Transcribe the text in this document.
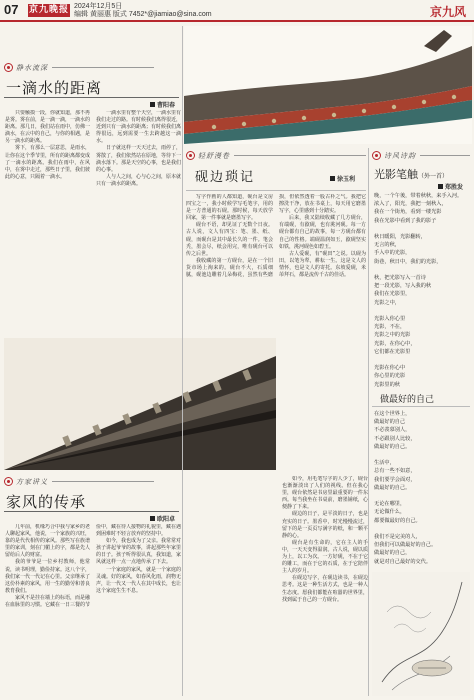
07 京九晚报 2024年12月5日
编辑 黄丽惠 版式 7452*@jiamiao@sina.com	京九风
静水流深
一滴水的距离
曹阳春

只要触摸一段，你就知道，那不再是雾。雾在前，是一滴一滴，一滴水的距离。那几日，我们站在雨中，仿佛一滴水，在云中的自己，与你的相遇，是另一滴水的距离。

雾下，有那么一层意思，是雨水，让你在这个季节里，所有的距离都变成了一滴水的距离。我们在雨中，在风中，在雾中走过，那些日子里，我们彼此的心意，只隔着一滴水。

一滴水里有整个天空，一滴水里有我们走过的路。有时候我们离得很近，近到只有一滴水的距离；有时候我们离得很远，远到需要一生去跨越这一滴水。

日子就这样一天天过去，雨停了，雾散了，我们依然站在原地，等待下一滴水落下。那是天空的心事，也是我们的心事。

人与人之间，心与心之间，原本就只有一滴水的距离。

方家讲义
家风的传承
欧阳卓

几年前，机缘巧合中我与家乡的老人聊起家风，他说，一个家族的兴旺，靠的是代代相传的家风。那些写在族谱里的家训，刻在门楣上的字，都是先人留给后人的财富。

我的爷爷是一位乡村教师，他常说，读书明理，勤俭持家。这八个字，我们家一代一代记在心里。父亲继承了这份朴素的家风，用一生的勤劳和善良教育我们。

家风不是挂在墙上的标语，而是融在血脉里的习惯。它藏在一日三餐的节俭中，藏在待人接物的礼貌里，藏在遇到困难时不轻言放弃的坚持中。

如今，我也成为了父亲。我常常对孩子讲起爷爷的故事，讲起那些年家里的日子。孩子听得很认真，我知道，家风就这样一点一点地传承了下去。

一个家庭的家风，就是一个家庭的灵魂。好的家风，如春风化雨，润物无声，让一代又一代人在其中成长，也让这个家庭生生不息。

轻舒漫卷
砚边琐记	徐玉利

写字作画的人都知道，砚台是文房四宝之一，我小时候学写毛笔字，用的是一方普通的石砚。那时候，每天放学回家，第一件事就是磨墨写字。

砚台不语，却见证了无数个日夜。古人说，文人有四宝：笔、墨、纸、砚，而砚台是其中最长久的一件。笔会秃，墨会尽，纸会用完，唯有砚台可以传之后世。

我收藏的第一方砚台，是在一个旧货市场上淘来的。砚台不大，石质细腻，砚池边雕着几朵梅花，虽然有些磨损，但依然透着一股古朴之气。我把它擦洗干净，放在书桌上，每天用它磨墨写字，心里感到十分踏实。

后来，我又陆续收藏了几方砚台，有端砚，有歙砚，也有洮河砚。每一方砚台都有自己的故事，每一方砚台都有自己的性格。端砚温润如玉，歙砚坚实如铁，洮河砚色如碧玉。

古人爱砚，有“砚田”之说。以砚为田，以笔为犁，耕耘一生。这是文人的情怀，也是文人的寄托。东坡爱砚，米芾拜石，都是流传千古的佳话。

如今，用毛笔写字的人少了，砚台也渐渐淡出了人们的视线。但在我心里，砚台依然是书房里最重要的一件东西。每当我坐在书桌前，磨墨铺纸，心便静了下来。

砚边的日子，是平淡的日子，也是充实的日子。墨香中，时光慢慢流过，留下的是一页页写满字的纸，和一颗平静的心。

砚台是有生命的，它在主人的手中，一天天变得温润。古人说，砚以质为上，以工为次。一方好砚，不在于它的雕工，而在于它的石质，在于它陪伴主人的岁月。

在砚边写字，在砚边读书，在砚边思考。这是一种生活方式，也是一种人生态度。愿我们都能在喧嚣的世界里，找到属于自己的一方砚台。

诗风诗韵
光影笔触（外一首）
郑胜发
晚，一个午後，带着秋秋，来手入河。
浓入了，阳光，我把一刻秋入，
我在一个街角，看到一缕光影
我在光影中看到了我的影子

秋日暖阳，光影翻转，
无言的秋，
手入中的光影，
街巷，秋日中，我们的光影，

秋，把光影写入一首诗
把一段光影，写入我的秋
我们在光影里，
光影之中，

光影入你心里
光影，不在，
光影之中的光影
光影，在你心中，
它们都在光影里

光影在你心中
你心里的光影
光影里的秋
做最好的自己
在这个世界上，
做最好的自己
不必羡慕别人，
不必跟别人比较，
做最好的自己。

生活中，
总有一些不如意，
我们要学会面对，
做最好的自己。

无论在哪里，
无论做什么，
都要做最好的自己。

我们不是完美的人，
但我们可以做最好的自己。
做最好的自己，
就是对自己最好的交代。
